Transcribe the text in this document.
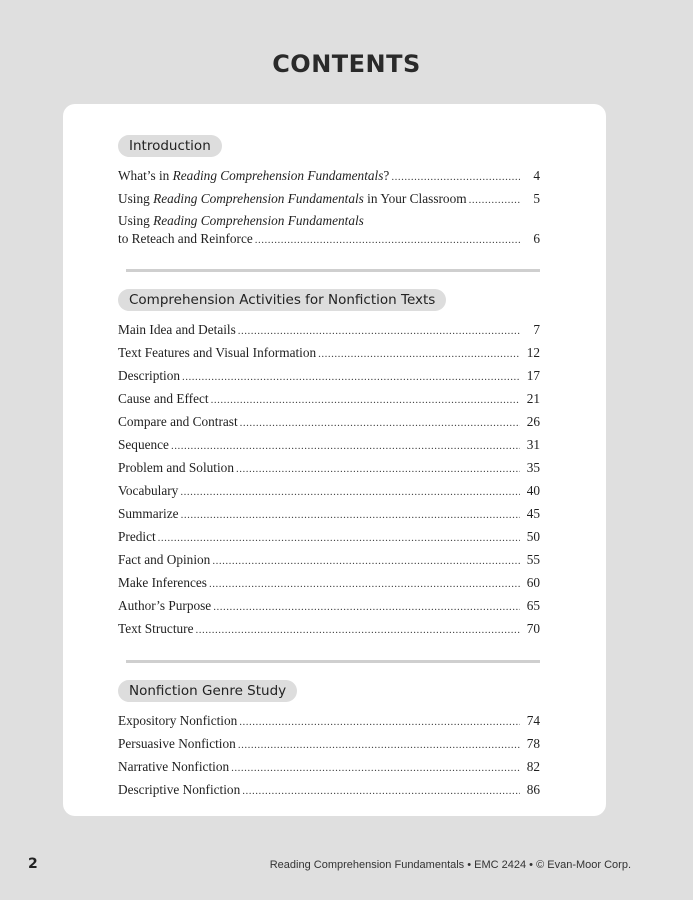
CONTENTS
Introduction
What’s in Reading Comprehension Fundamentals? .....	4
Using Reading Comprehension Fundamentals in Your Classroom .....	5
Using Reading Comprehension Fundamentals
to Reteach and Reinforce .....	6
Comprehension Activities for Nonfiction Texts
Main Idea and Details .....	7
Text Features and Visual Information .....	12
Description .....	17
Cause and Effect .....	21
Compare and Contrast .....	26
Sequence .....	31
Problem and Solution .....	35
Vocabulary .....	40
Summarize .....	45
Predict .....	50
Fact and Opinion .....	55
Make Inferences .....	60
Author’s Purpose .....	65
Text Structure .....	70
Nonfiction Genre Study
Expository Nonfiction .....	74
Persuasive Nonfiction .....	78
Narrative Nonfiction .....	82
Descriptive Nonfiction .....	86
2	Reading Comprehension Fundamentals • EMC 2424 • © Evan-Moor Corp.
